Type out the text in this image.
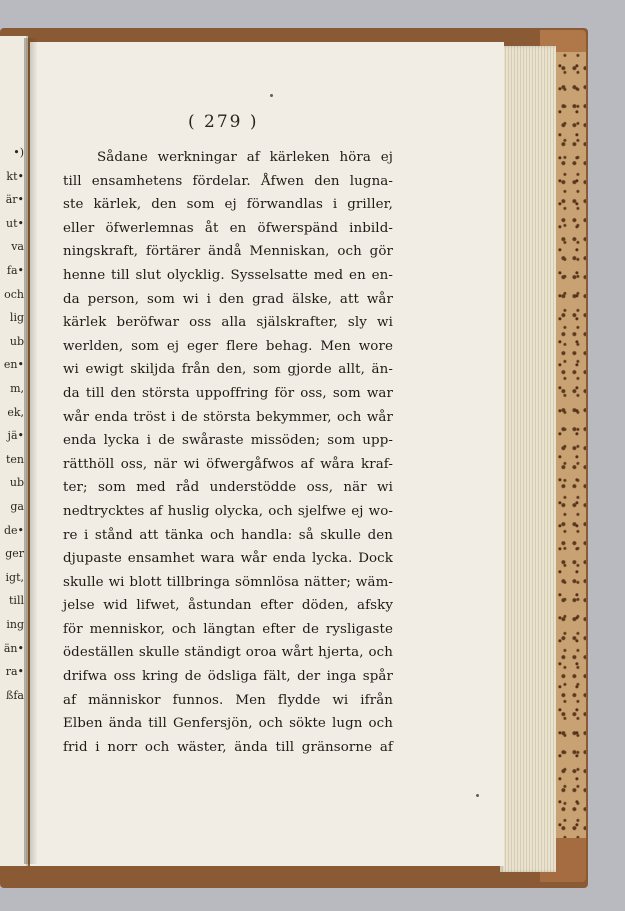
•)
kt•
är•
ut•
va
fa•
och
lig
ub
en•
m,
ek,
jä•
ten
ub
ga
de•
ger
igt,
till
ing
än•
ra•
ßfa
( 279 )
Sådane werkningar af kärleken höra ej
till ensamhetens fördelar. Åfwen den lugna-
ste kärlek, den som ej förwandlas i griller,
eller öfwerlemnas åt en öfwerspänd inbild-
ningskraft, förtärer ändå Menniskan, och gör
henne till slut olycklig. Sysselsatte med en en-
da person, som wi i den grad älske, att wår
kärlek beröfwar oss alla själskrafter, sly wi
werlden, som ej eger flere behag. Men wore
wi ewigt skiljda från den, som gjorde allt, än-
da till den största uppoffring för oss, som war
wår enda tröst i de största bekymmer, och wår
enda lycka i de swåraste missöden; som upp-
rätthöll oss, när wi öfwergåfwos af wåra kraf-
ter; som med råd understödde oss, när wi
nedtrycktes af huslig olycka, och sjelfwe ej wo-
re i stånd att tänka och handla: så skulle den
djupaste ensamhet wara wår enda lycka. Dock
skulle wi blott tillbringa sömnlösa nätter; wäm-
jelse wid lifwet, åstundan efter döden, afsky
för menniskor, och längtan efter de rysligaste
ödeställen skulle ständigt oroa wårt hjerta, och
drifwa oss kring de ödsliga fält, der inga spår
af människor funnos. Men flydde wi ifrån
Elben ända till Genfersjön, och sökte lugn och
frid i norr och wäster, ända till gränsorne af
